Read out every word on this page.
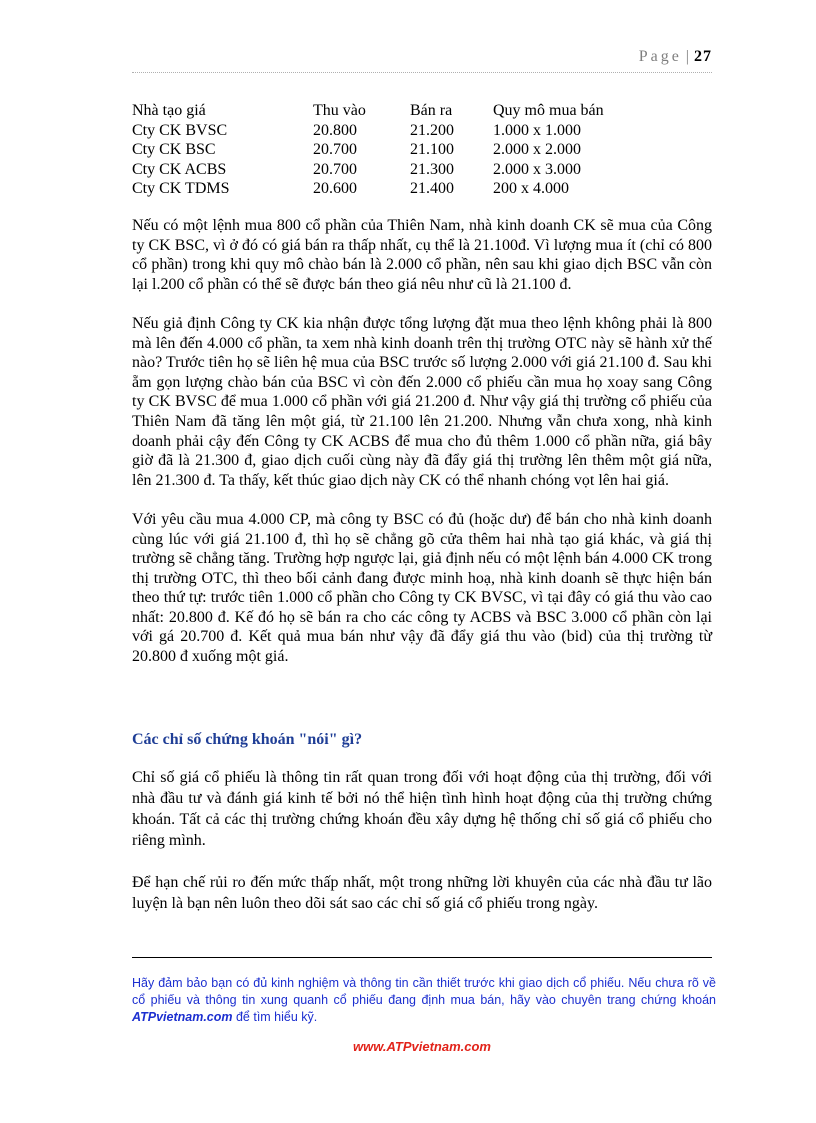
Page | 27
Nhà tạo giá	Thu vào	Bán ra	Quy mô mua bán
Cty CK BVSC	20.800	21.200	1.000 x 1.000
Cty CK BSC	20.700	21.100	2.000 x 2.000
Cty CK ACBS	20.700	21.300	2.000 x 3.000
Cty CK TDMS	20.600	21.400	200 x 4.000

Nếu có một lệnh mua 800 cổ phần của Thiên Nam, nhà kinh doanh CK sẽ mua của Công ty CK BSC, vì ở đó có giá bán ra thấp nhất, cụ thể là 21.100đ. Vì lượng mua ít (chỉ có 800 cổ phần) trong khi quy mô chào bán là 2.000 cổ phần, nên sau khi giao dịch BSC vẫn còn lại l.200 cổ phần có thể sẽ được bán theo giá nêu như cũ là 21.100 đ.

Nếu giả định Công ty CK kia nhận được tổng lượng đặt mua theo lệnh không phải là 800 mà lên đến 4.000 cổ phần, ta xem nhà kinh doanh trên thị trường OTC này sẽ hành xử thế nào? Trước tiên họ sẽ liên hệ mua của BSC trước số lượng 2.000 với giá 21.100 đ. Sau khi ẵm gọn lượng chào bán của BSC vì còn đến 2.000 cổ phiếu cần mua họ xoay sang Công ty CK BVSC để mua 1.000 cổ phần với giá 21.200 đ. Như vậy giá thị trường cổ phiếu của Thiên Nam đã tăng lên một giá, từ 21.100 lên 21.200. Nhưng vẫn chưa xong, nhà kinh doanh phải cậy đến Công ty CK ACBS để mua cho đủ thêm 1.000 cổ phần nữa, giá bây giờ đã là 21.300 đ, giao dịch cuối cùng này đã đẩy giá thị trường lên thêm một giá nữa, lên 21.300 đ. Ta thấy, kết thúc giao dịch này CK có thể nhanh chóng vọt lên hai giá.

Với yêu cầu mua 4.000 CP, mà công ty BSC có đủ (hoặc dư) để bán cho nhà kinh doanh cùng lúc với giá 21.100 đ, thì họ sẽ chẳng gõ cửa thêm hai nhà tạo giá khác, và giá thị trường sẽ chẳng tăng. Trường hợp ngược lại, giả định nếu có một lệnh bán 4.000 CK trong thị trường OTC, thì theo bối cảnh đang được minh hoạ, nhà kinh doanh sẽ thực hiện bán theo thứ tự: trước tiên 1.000 cổ phần cho Công ty CK BVSC, vì tại đây có giá thu vào cao nhất: 20.800 đ. Kế đó họ sẽ bán ra cho các công ty ACBS và BSC 3.000 cổ phần còn lại với gá 20.700 đ. Kết quả mua bán như vậy đã đẩy giá thu vào (bid) của thị trường từ 20.800 đ xuống một giá.

Các chỉ số chứng khoán "nói" gì?

Chỉ số giá cổ phiếu là thông tin rất quan trong đối với hoạt động của thị trường, đối với nhà đầu tư và đánh giá kinh tế bởi nó thể hiện tình hình hoạt động của thị trường chứng khoán. Tất cả các thị trường chứng khoán đều xây dựng hệ thống chỉ số giá cổ phiếu cho riêng mình.

Để hạn chế rủi ro đến mức thấp nhất, một trong những lời khuyên của các nhà đầu tư lão luyện là bạn nên luôn theo dõi sát sao các chỉ số giá cổ phiếu trong ngày.

Hãy đảm bảo bạn có đủ kinh nghiệm và thông tin cần thiết trước khi giao dịch cổ phiếu. Nếu chưa rõ về cổ phiếu và thông tin xung quanh cổ phiếu đang định mua bán, hãy vào chuyên trang chứng khoán ATPvietnam.com để tìm hiểu kỹ.
www.ATPvietnam.com
